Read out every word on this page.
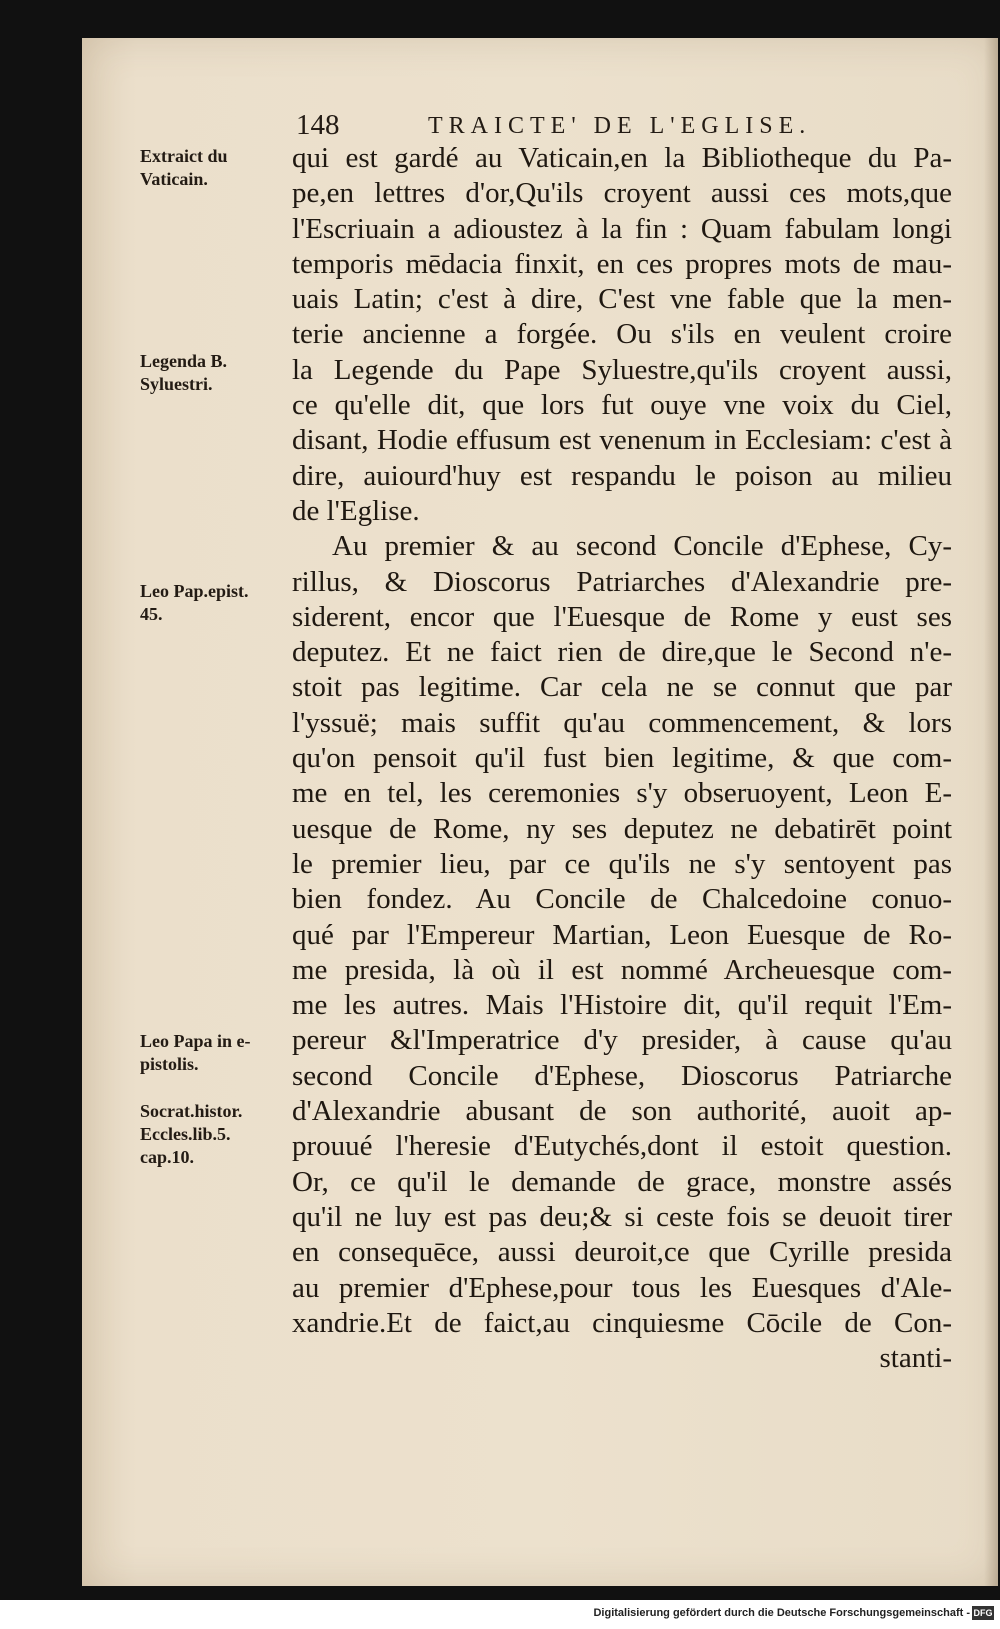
148	TRAICTE' DE L'EGLISE.
Extraict du
Vaticain.
Legenda B.
Syluestri.
Leo Pap.epist.
45.
Leo Papa in e-
pistolis.
Socrat.histor.
Eccles.lib.5.
cap.10.
qui est gardé au Vaticain,en la Bibliotheque du Pa-
pe,en lettres d'or,Qu'ils croyent aussi ces mots,que
l'Escriuain a adioustez à la fin : Quam fabulam longi
temporis mēdacia finxit, en ces propres mots de mau-
uais Latin; c'est à dire, C'est vne fable que la men-
terie ancienne a forgée. Ou s'ils en veulent croire
la Legende du Pape Syluestre,qu'ils croyent aussi,
ce qu'elle dit, que lors fut ouye vne voix du Ciel,
disant, Hodie effusum est venenum in Ecclesiam: c'est à
dire, auiourd'huy est respandu le poison au milieu
de l'Eglise.
Au premier & au second Concile d'Ephese, Cy-
rillus, & Dioscorus Patriarches d'Alexandrie pre-
siderent, encor que l'Euesque de Rome y eust ses
deputez. Et ne faict rien de dire,que le Second n'e-
stoit pas legitime. Car cela ne se connut que par
l'yssuë; mais suffit qu'au commencement, & lors
qu'on pensoit qu'il fust bien legitime, & que com-
me en tel, les ceremonies s'y obseruoyent, Leon E-
uesque de Rome, ny ses deputez ne debatirēt point
le premier lieu, par ce qu'ils ne s'y sentoyent pas
bien fondez. Au Concile de Chalcedoine conuo-
qué par l'Empereur Martian, Leon Euesque de Ro-
me presida, là où il est nommé Archeuesque com-
me les autres. Mais l'Histoire dit, qu'il requit l'Em-
pereur &l'Imperatrice d'y presider, à cause qu'au
second Concile d'Ephese, Dioscorus Patriarche
d'Alexandrie abusant de son authorité, auoit ap-
prouué l'heresie d'Eutychés,dont il estoit question.
Or, ce qu'il le demande de grace, monstre assés
qu'il ne luy est pas deu;& si ceste fois se deuoit tirer
en consequēce, aussi deuroit,ce que Cyrille presida
au premier d'Ephese,pour tous les Euesques d'Ale-
xandrie.Et de faict,au cinquiesme Cōcile de Con-
stanti-
Digitalisierung gefördert durch die Deutsche Forschungsgemeinschaft - DFG
